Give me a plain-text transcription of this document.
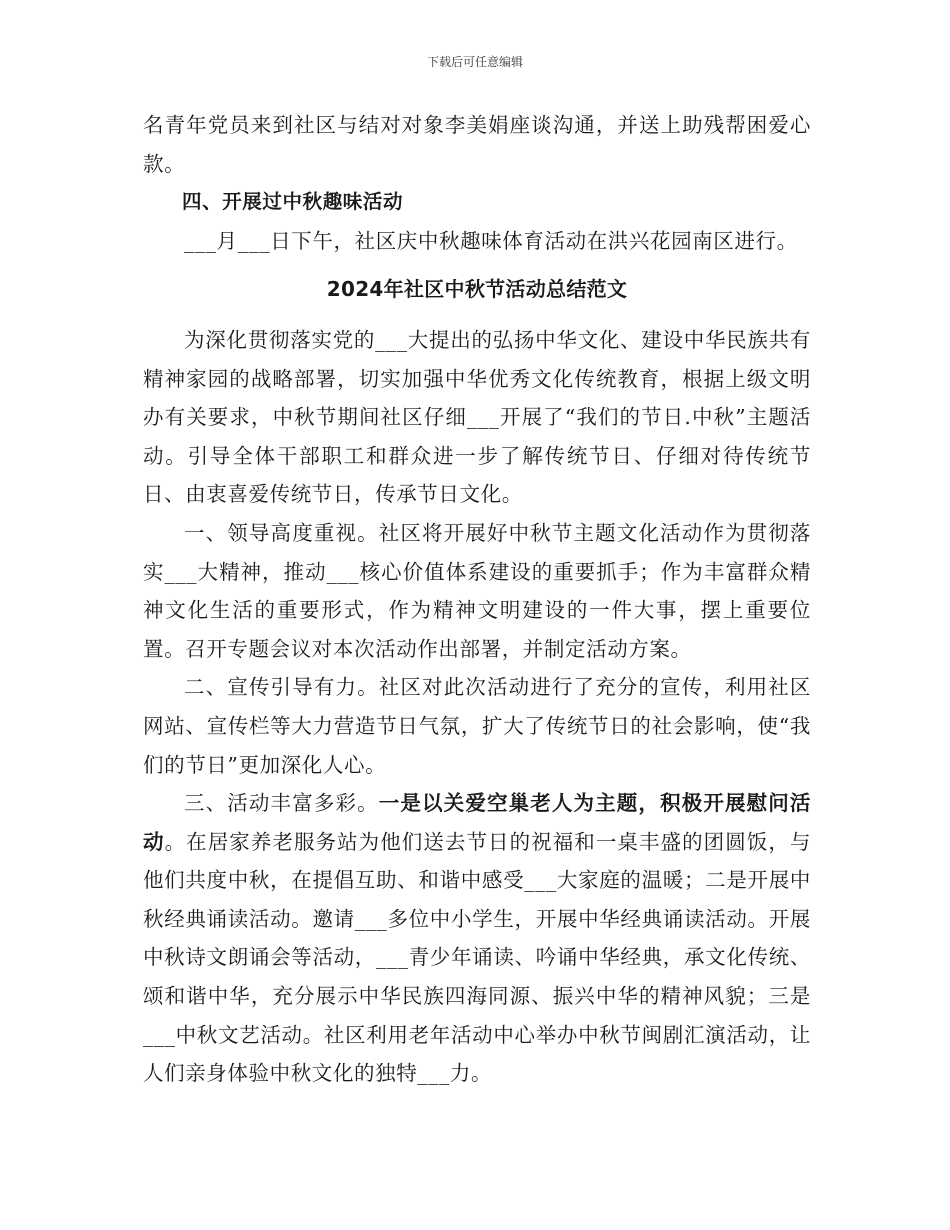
下载后可任意编辑

名青年党员来到社区与结对对象李美娟座谈沟通，并送上助残帮困爱心款。

四、开展过中秋趣味活动

___月___日下午，社区庆中秋趣味体育活动在洪兴花园南区进行。

2024年社区中秋节活动总结范文

为深化贯彻落实党的___大提出的弘扬中华文化、建设中华民族共有精神家园的战略部署，切实加强中华优秀文化传统教育，根据上级文明办有关要求，中秋节期间社区仔细___开展了“我们的节日.中秋”主题活动。引导全体干部职工和群众进一步了解传统节日、仔细对待传统节日、由衷喜爱传统节日，传承节日文化。

一、领导高度重视。社区将开展好中秋节主题文化活动作为贯彻落实___大精神，推动___核心价值体系建设的重要抓手；作为丰富群众精神文化生活的重要形式，作为精神文明建设的一件大事，摆上重要位置。召开专题会议对本次活动作出部署，并制定活动方案。

二、宣传引导有力。社区对此次活动进行了充分的宣传，利用社区网站、宣传栏等大力营造节日气氛，扩大了传统节日的社会影响，使“我们的节日”更加深化人心。

三、活动丰富多彩。一是以关爱空巢老人为主题，积极开展慰问活动。在居家养老服务站为他们送去节日的祝福和一桌丰盛的团圆饭，与他们共度中秋，在提倡互助、和谐中感受___大家庭的温暖；二是开展中秋经典诵读活动。邀请___多位中小学生，开展中华经典诵读活动。开展中秋诗文朗诵会等活动，___青少年诵读、吟诵中华经典，承文化传统、颂和谐中华，充分展示中华民族四海同源、振兴中华的精神风貌；三是___中秋文艺活动。社区利用老年活动中心举办中秋节闽剧汇演活动，让人们亲身体验中秋文化的独特___力。
